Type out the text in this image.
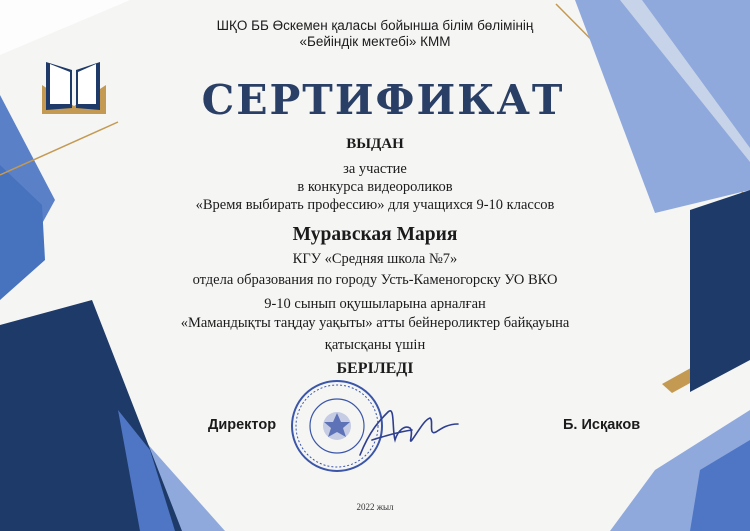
ШҚО ББ Өскемен қаласы бойынша білім бөлімінің
«Бейіндік мектебі» КММ
СЕРТИФИКАТ
ВЫДАН
за участие
в конкурса видеороликов
«Время выбирать профессию» для учащихся 9-10 классов
Муравская Мария
КГУ «Средняя школа №7»
отдела образования по городу Усть-Каменогорску УО ВКО
9-10 сынып оқушыларына арналған
«Мамандықты таңдау уақыты» атты бейнероликтер байқауына
қатысқаны үшін
БЕРІЛЕДІ
Директор	Б. Исқаков
2022 жыл
